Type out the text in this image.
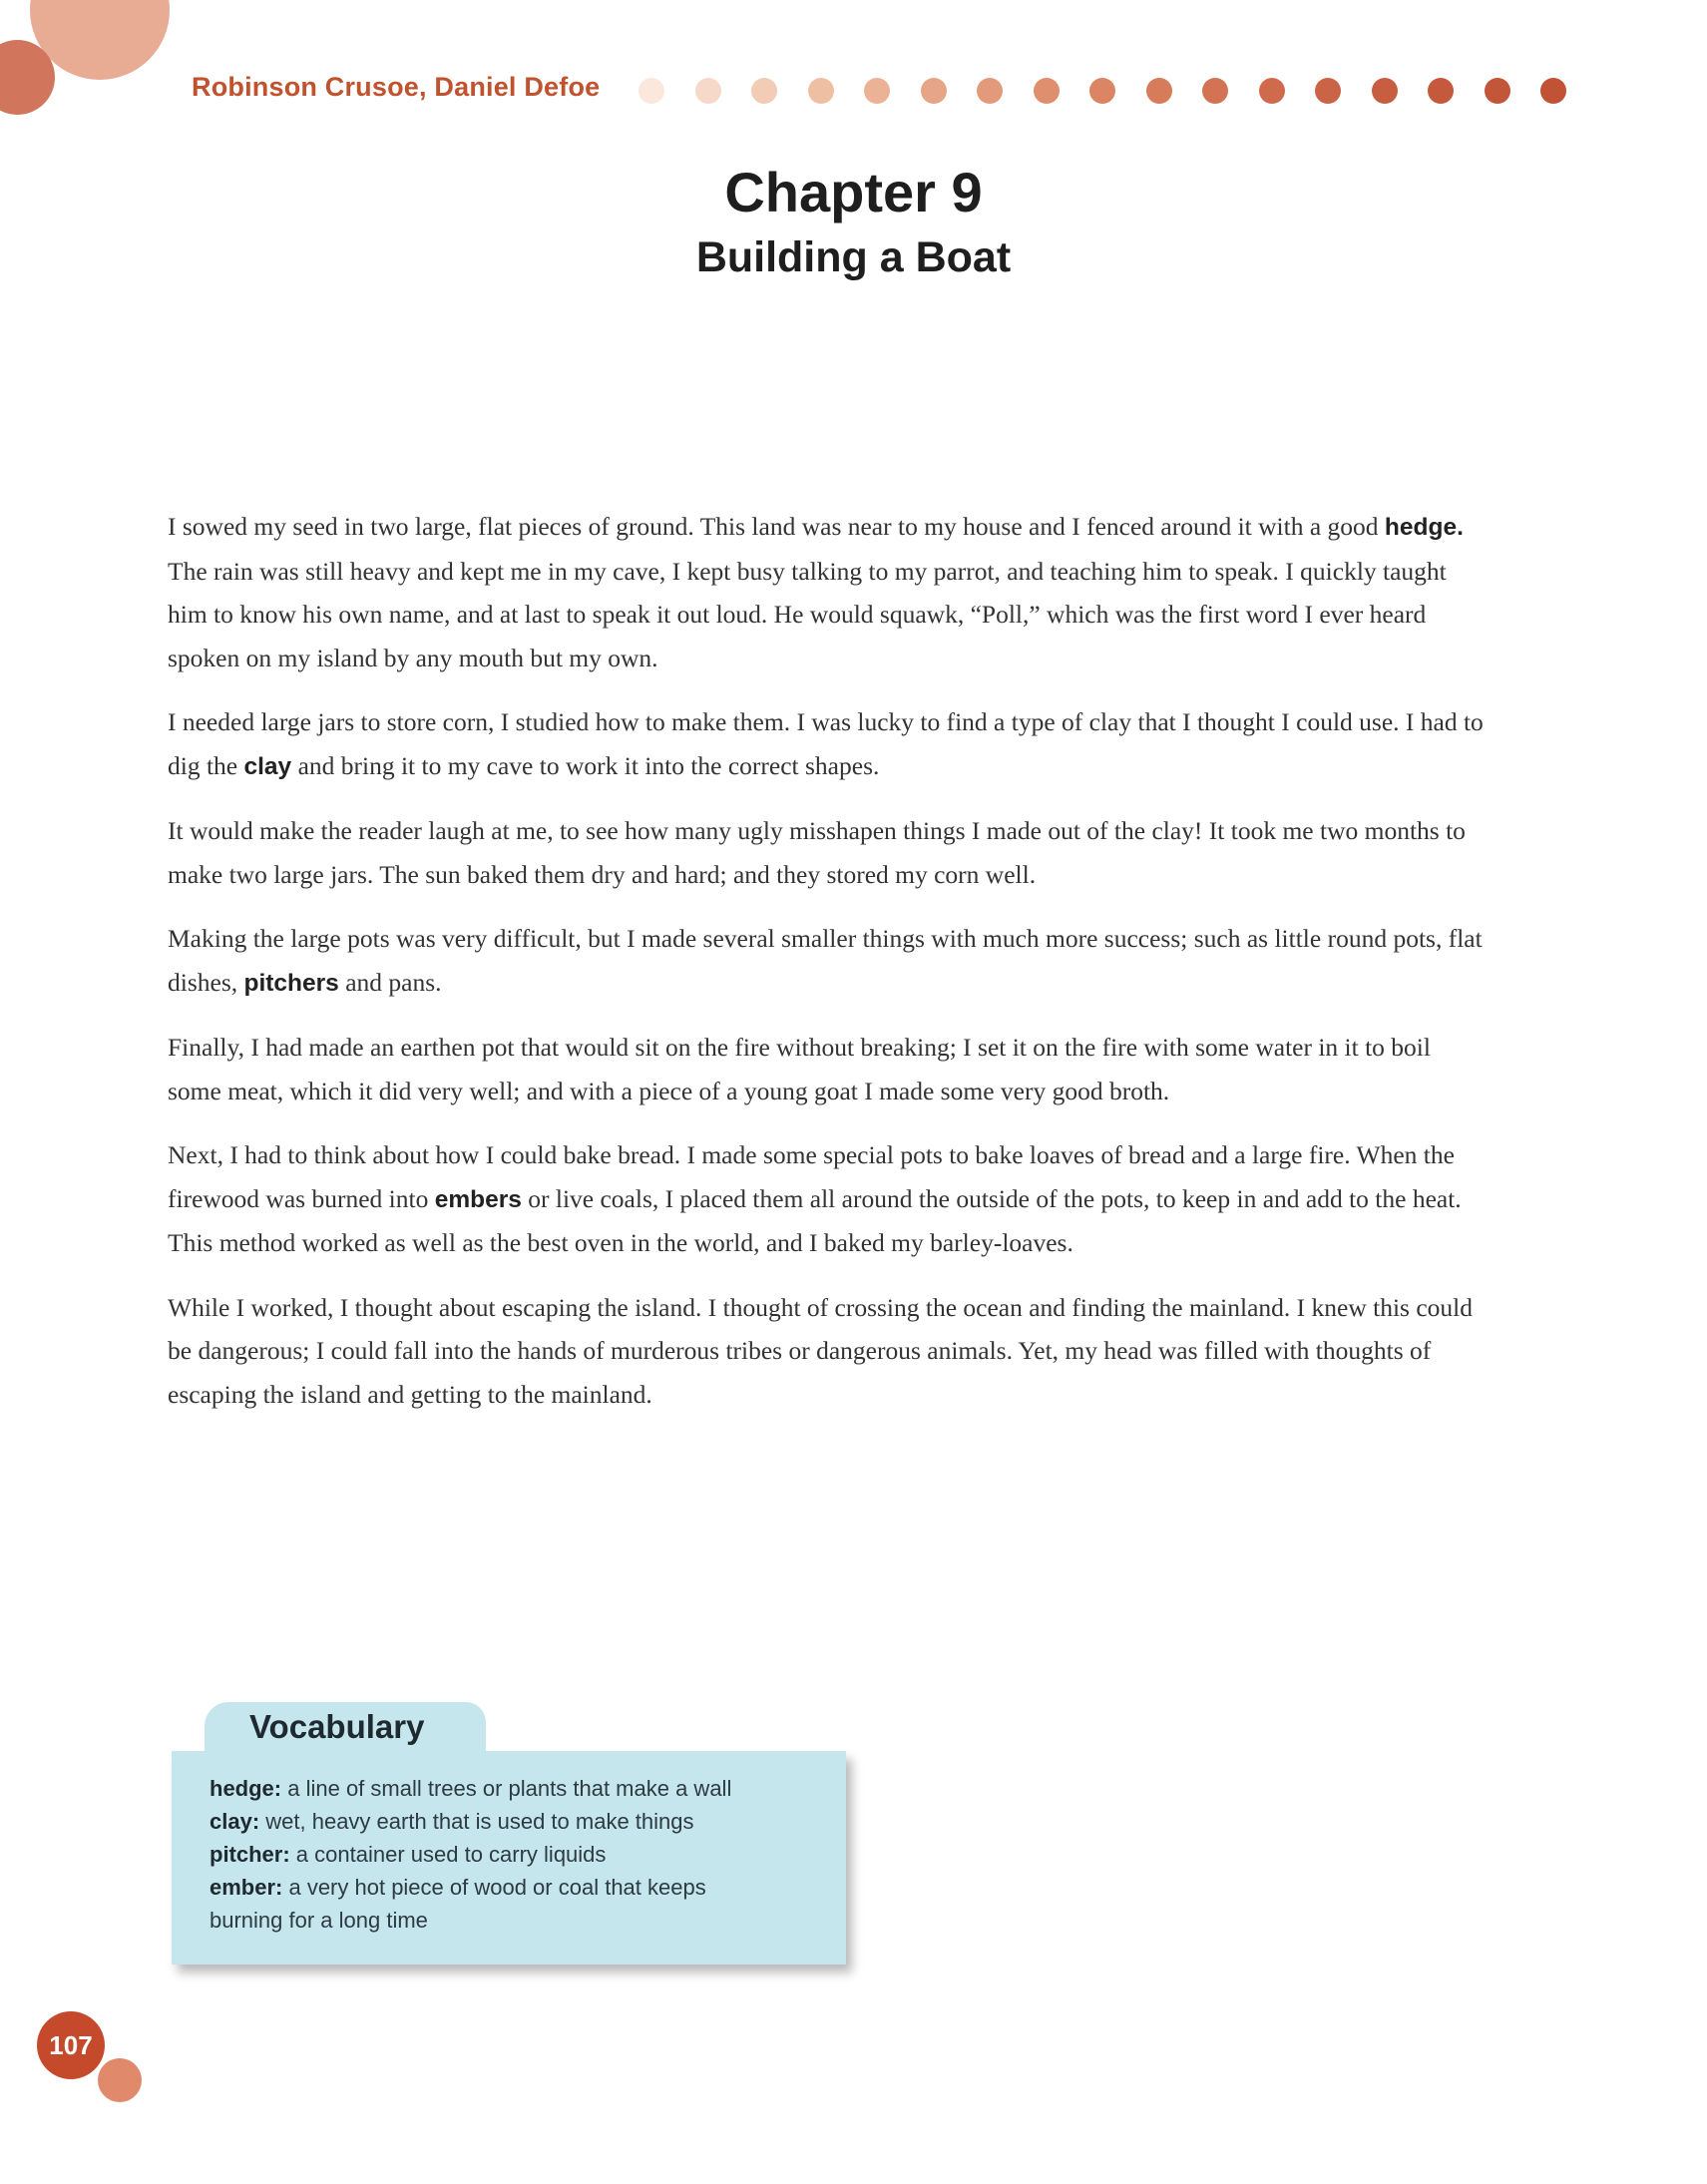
Robinson Crusoe, Daniel Defoe
Chapter 9
Building a Boat

I sowed my seed in two large, flat pieces of ground. This land was near to my house and I fenced around it with a good hedge. The rain was still heavy and kept me in my cave, I kept busy talking to my parrot, and teaching him to speak. I quickly taught him to know his own name, and at last to speak it out loud. He would squawk, “Poll,” which was the first word I ever heard spoken on my island by any mouth but my own.

I needed large jars to store corn, I studied how to make them. I was lucky to find a type of clay that I thought I could use. I had to dig the clay and bring it to my cave to work it into the correct shapes.

It would make the reader laugh at me, to see how many ugly misshapen things I made out of the clay! It took me two months to make two large jars. The sun baked them dry and hard; and they stored my corn well.

Making the large pots was very difficult, but I made several smaller things with much more success; such as little round pots, flat dishes, pitchers and pans.

Finally, I had made an earthen pot that would sit on the fire without breaking; I set it on the fire with some water in it to boil some meat, which it did very well; and with a piece of a young goat I made some very good broth.

Next, I had to think about how I could bake bread. I made some special pots to bake loaves of bread and a large fire. When the firewood was burned into embers or live coals, I placed them all around the outside of the pots, to keep in and add to the heat. This method worked as well as the best oven in the world, and I baked my barley-loaves.

While I worked, I thought about escaping the island. I thought of crossing the ocean and finding the mainland. I knew this could be dangerous; I could fall into the hands of murderous tribes or dangerous animals. Yet, my head was filled with thoughts of escaping the island and getting to the mainland.

Vocabulary
hedge: a line of small trees or plants that make a wall
clay: wet, heavy earth that is used to make things
pitcher: a container used to carry liquids
ember: a very hot piece of wood or coal that keeps burning for a long time
107
